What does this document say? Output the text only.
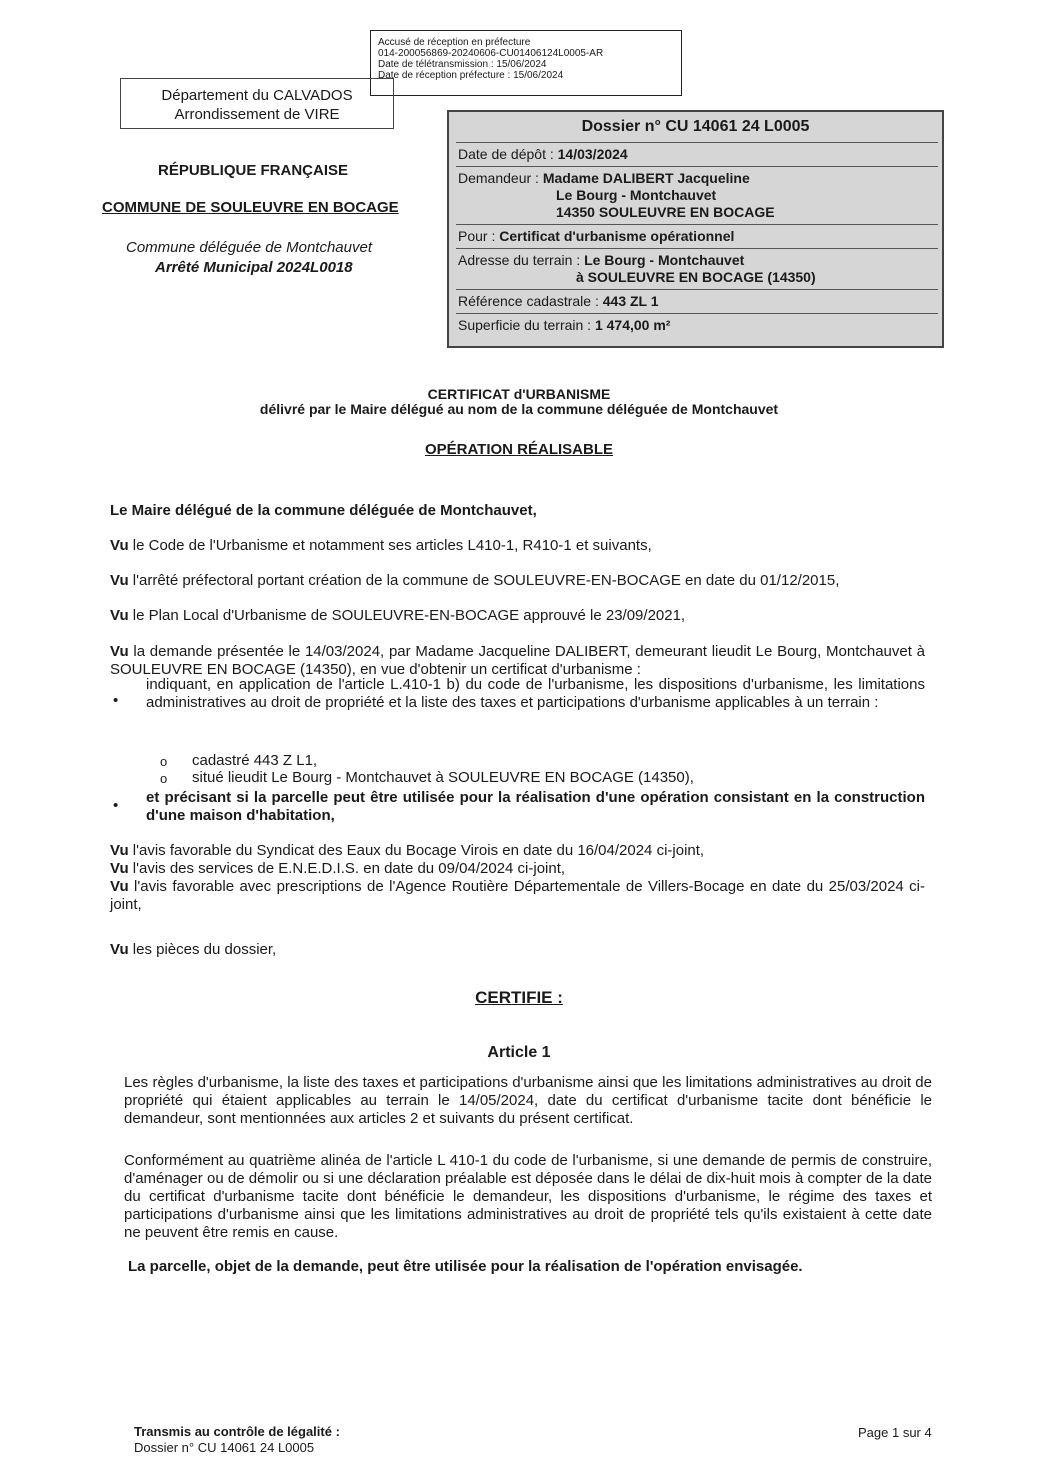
Accusé de réception en préfecture
014-200056869-20240606-CU01406124L0005-AR
Date de télétransmission : 15/06/2024
Date de réception préfecture : 15/06/2024
Département du CALVADOS
Arrondissement de VIRE
Dossier n° CU 14061 24 L0005
Date de dépôt : 14/03/2024
Demandeur : Madame DALIBERT Jacqueline
Le Bourg - Montchauvet
14350 SOULEUVRE EN BOCAGE
Pour : Certificat d'urbanisme opérationnel
Adresse du terrain : Le Bourg - Montchauvet
à SOULEUVRE EN BOCAGE (14350)
Référence cadastrale : 443 ZL 1
Superficie du terrain : 1 474,00 m²
RÉPUBLIQUE FRANÇAISE
COMMUNE DE SOULEUVRE EN BOCAGE
Commune déléguée de Montchauvet
Arrêté Municipal 2024L0018
CERTIFICAT d'URBANISME
délivré par le Maire délégué au nom de la commune déléguée de Montchauvet
OPÉRATION RÉALISABLE
Le Maire délégué de la commune déléguée de Montchauvet,
Vu le Code de l'Urbanisme et notamment ses articles L410-1, R410-1 et suivants,
Vu l'arrêté préfectoral portant création de la commune de SOULEUVRE-EN-BOCAGE en date du 01/12/2015,
Vu le Plan Local d'Urbanisme de SOULEUVRE-EN-BOCAGE approuvé le 23/09/2021,
Vu la demande présentée le 14/03/2024, par Madame Jacqueline DALIBERT, demeurant lieudit Le Bourg, Montchauvet à SOULEUVRE EN BOCAGE (14350), en vue d'obtenir un certificat d'urbanisme :
•
indiquant, en application de l'article L.410-1 b) du code de l'urbanisme, les dispositions d'urbanisme, les limitations administratives au droit de propriété et la liste des taxes et participations d'urbanisme applicables à un terrain :
o cadastré 443 Z L1,
o situé lieudit Le Bourg - Montchauvet à SOULEUVRE EN BOCAGE (14350),
• et précisant si la parcelle peut être utilisée pour la réalisation d'une opération consistant en la construction d'une maison d'habitation,
Vu l'avis favorable du Syndicat des Eaux du Bocage Virois en date du 16/04/2024 ci-joint,
Vu l'avis des services de E.N.E.D.I.S. en date du 09/04/2024 ci-joint,
Vu l'avis favorable avec prescriptions de l'Agence Routière Départementale de Villers-Bocage en date du 25/03/2024 ci-joint,
Vu les pièces du dossier,
CERTIFIE :
Article 1
Les règles d'urbanisme, la liste des taxes et participations d'urbanisme ainsi que les limitations administratives au droit de propriété qui étaient applicables au terrain le 14/05/2024, date du certificat d'urbanisme tacite dont bénéficie le demandeur, sont mentionnées aux articles 2 et suivants du présent certificat.
Conformément au quatrième alinéa de l'article L 410-1 du code de l'urbanisme, si une demande de permis de construire, d'aménager ou de démolir ou si une déclaration préalable est déposée dans le délai de dix-huit mois à compter de la date du certificat d'urbanisme tacite dont bénéficie le demandeur, les dispositions d'urbanisme, le régime des taxes et participations d'urbanisme ainsi que les limitations administratives au droit de propriété tels qu'ils existaient à cette date ne peuvent être remis en cause.
La parcelle, objet de la demande, peut être utilisée pour la réalisation de l'opération envisagée.
Transmis au contrôle de légalité :
Dossier n° CU 14061 24 L0005
Page 1 sur 4
